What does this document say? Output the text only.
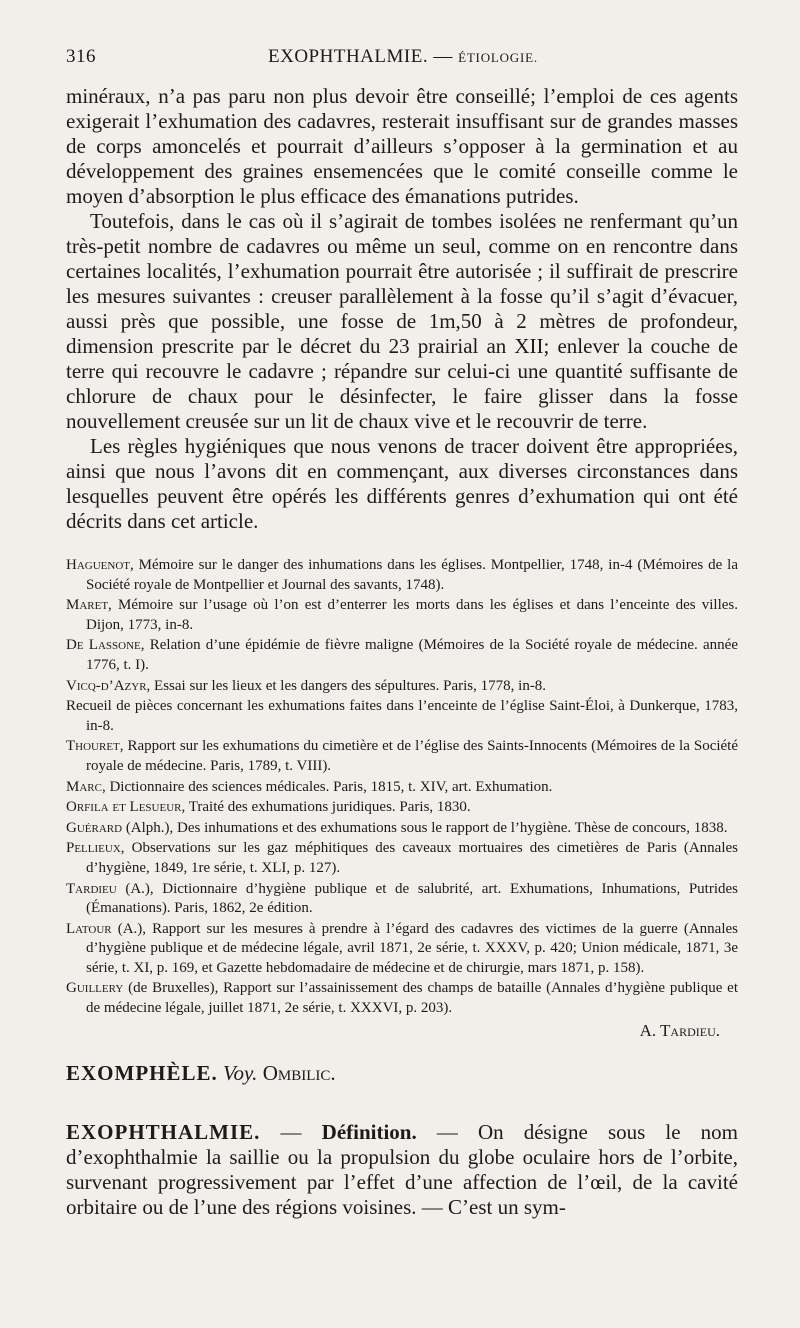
316	EXOPHTHALMIE. — ÉTIOLOGIE.

minéraux, n’a pas paru non plus devoir être conseillé; l’emploi de ces agents exigerait l’exhumation des cadavres, resterait insuffisant sur de grandes masses de corps amoncelés et pourrait d’ailleurs s’opposer à la germination et au développement des graines ensemencées que le comité conseille comme le moyen d’absorption le plus efficace des émanations putrides.

Toutefois, dans le cas où il s’agirait de tombes isolées ne renfermant qu’un très-petit nombre de cadavres ou même un seul, comme on en rencontre dans certaines localités, l’exhumation pourrait être autorisée ; il suffirait de prescrire les mesures suivantes : creuser parallèlement à la fosse qu’il s’agit d’évacuer, aussi près que possible, une fosse de 1m,50 à 2 mètres de profondeur, dimension prescrite par le décret du 23 prairial an XII; enlever la couche de terre qui recouvre le cadavre ; répandre sur celui-ci une quantité suffisante de chlorure de chaux pour le désinfecter, le faire glisser dans la fosse nouvellement creusée sur un lit de chaux vive et le recouvrir de terre.

Les règles hygiéniques que nous venons de tracer doivent être appropriées, ainsi que nous l’avons dit en commençant, aux diverses circonstances dans lesquelles peuvent être opérés les différents genres d’exhumation qui ont été décrits dans cet article.

Haguenot, Mémoire sur le danger des inhumations dans les églises. Montpellier, 1748, in-4 (Mémoires de la Société royale de Montpellier et Journal des savants, 1748).
Maret, Mémoire sur l’usage où l’on est d’enterrer les morts dans les églises et dans l’enceinte des villes. Dijon, 1773, in-8.
De Lassone, Relation d’une épidémie de fièvre maligne (Mémoires de la Société royale de médecine. année 1776, t. I).
Vicq-d’Azyr, Essai sur les lieux et les dangers des sépultures. Paris, 1778, in-8.
Recueil de pièces concernant les exhumations faites dans l’enceinte de l’église Saint-Éloi, à Dunkerque, 1783, in-8.
Thouret, Rapport sur les exhumations du cimetière et de l’église des Saints-Innocents (Mémoires de la Société royale de médecine. Paris, 1789, t. VIII).
Marc, Dictionnaire des sciences médicales. Paris, 1815, t. XIV, art. Exhumation.
Orfila et Lesueur, Traité des exhumations juridiques. Paris, 1830.
Guérard (Alph.), Des inhumations et des exhumations sous le rapport de l’hygiène. Thèse de concours, 1838.
Pellieux, Observations sur les gaz méphitiques des caveaux mortuaires des cimetières de Paris (Annales d’hygiène, 1849, 1re série, t. XLI, p. 127).
Tardieu (A.), Dictionnaire d’hygiène publique et de salubrité, art. Exhumations, Inhumations, Putrides (Émanations). Paris, 1862, 2e édition.
Latour (A.), Rapport sur les mesures à prendre à l’égard des cadavres des victimes de la guerre (Annales d’hygiène publique et de médecine légale, avril 1871, 2e série, t. XXXV, p. 420; Union médicale, 1871, 3e série, t. XI, p. 169, et Gazette hebdomadaire de médecine et de chirurgie, mars 1871, p. 158).
Guillery (de Bruxelles), Rapport sur l’assainissement des champs de bataille (Annales d’hygiène publique et de médecine légale, juillet 1871, 2e série, t. XXXVI, p. 203).
A. Tardieu.
EXOMPHÈLE. Voy. Ombilic.
EXOPHTHALMIE. — Définition. — On désigne sous le nom d’exophthalmie la saillie ou la propulsion du globe oculaire hors de l’orbite, survenant progressivement par l’effet d’une affection de l’œil, de la cavité orbitaire ou de l’une des régions voisines. — C’est un sym-
